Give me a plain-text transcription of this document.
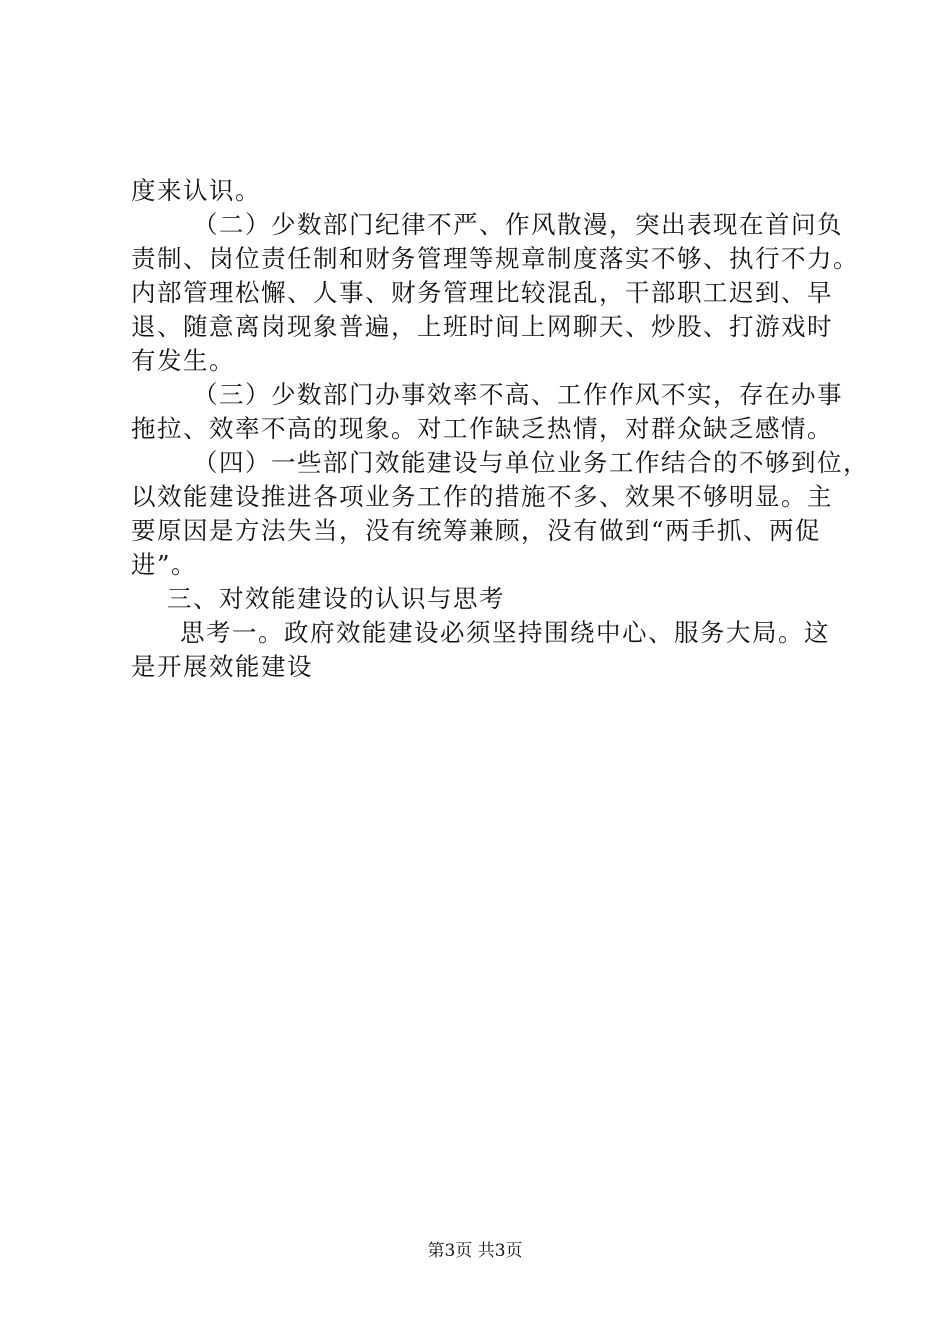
度来认识。
（二）少数部门纪律不严、作风散漫，突出表现在首问负
责制、岗位责任制和财务管理等规章制度落实不够、执行不力。
内部管理松懈、人事、财务管理比较混乱，干部职工迟到、早
退、随意离岗现象普遍，上班时间上网聊天、炒股、打游戏时
有发生。
（三）少数部门办事效率不高、工作作风不实，存在办事
拖拉、效率不高的现象。对工作缺乏热情，对群众缺乏感情。
（四）一些部门效能建设与单位业务工作结合的不够到位，
以效能建设推进各项业务工作的措施不多、效果不够明显。主
要原因是方法失当，没有统筹兼顾，没有做到“两手抓、两促
进”。
三、对效能建设的认识与思考
思考一。政府效能建设必须坚持围绕中心、服务大局。这
是开展效能建设
第3页 共3页
